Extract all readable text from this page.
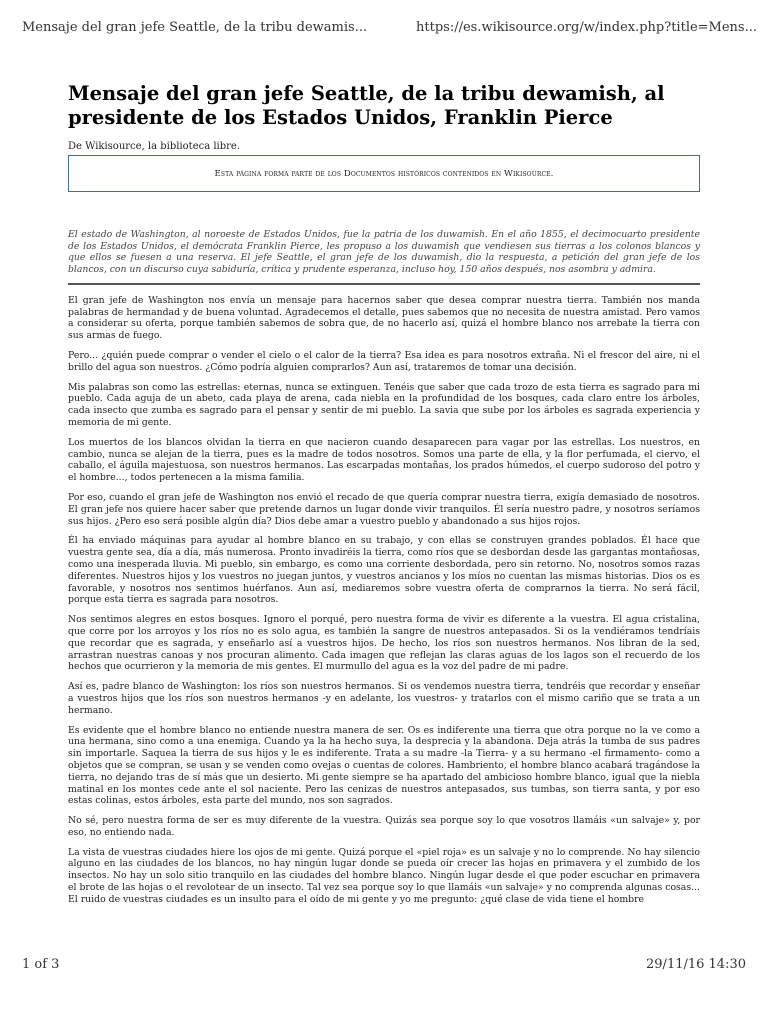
Mensaje del gran jefe Seattle, de la tribu dewamis...	https://es.wikisource.org/w/index.php?title=Mens...
Mensaje del gran jefe Seattle, de la tribu dewamish, al presidente de los Estados Unidos, Franklin Pierce
De Wikisource, la biblioteca libre.
Esta página forma parte de los Documentos históricos contenidos en Wikisource.
El estado de Washington, al noroeste de Estados Unidos, fue la patria de los duwamish. En el año 1855, el decimocuarto presidente de los Estados Unidos, el demócrata Franklin Pierce, les propuso a los duwamish que vendiesen sus tierras a los colonos blancos y que ellos se fuesen a una reserva. El jefe Seattle, el gran jefe de los duwamish, dio la respuesta, a petición del gran jefe de los blancos, con un discurso cuya sabiduría, crítica y prudente esperanza, incluso hoy, 150 años después, nos asombra y admira.

El gran jefe de Washington nos envía un mensaje para hacernos saber que desea comprar nuestra tierra. También nos manda palabras de hermandad y de buena voluntad. Agradecemos el detalle, pues sabemos que no necesita de nuestra amistad. Pero vamos a considerar su oferta, porque también sabemos de sobra que, de no hacerlo así, quizá el hombre blanco nos arrebate la tierra con sus armas de fuego.

Pero... ¿quién puede comprar o vender el cielo o el calor de la tierra? Esa idea es para nosotros extraña. Ni el frescor del aire, ni el brillo del agua son nuestros. ¿Cómo podría alguien comprarlos? Aun así, trataremos de tomar una decisión.

Mis palabras son como las estrellas: eternas, nunca se extinguen. Tenéis que saber que cada trozo de esta tierra es sagrado para mi pueblo. Cada aguja de un abeto, cada playa de arena, cada niebla en la profundidad de los bosques, cada claro entre los árboles, cada insecto que zumba es sagrado para el pensar y sentir de mi pueblo. La savia que sube por los árboles es sagrada experiencia y memoria de mi gente.

Los muertos de los blancos olvidan la tierra en que nacieron cuando desaparecen para vagar por las estrellas. Los nuestros, en cambio, nunca se alejan de la tierra, pues es la madre de todos nosotros. Somos una parte de ella, y la flor perfumada, el ciervo, el caballo, el águila majestuosa, son nuestros hermanos. Las escarpadas montañas, los prados húmedos, el cuerpo sudoroso del potro y el hombre..., todos pertenecen a la misma familia.

Por eso, cuando el gran jefe de Washington nos envió el recado de que quería comprar nuestra tierra, exigía demasiado de nosotros. El gran jefe nos quiere hacer saber que pretende darnos un lugar donde vivir tranquilos. Él sería nuestro padre, y nosotros seríamos sus hijos. ¿Pero eso será posible algún día? Dios debe amar a vuestro pueblo y abandonado a sus hijos rojos.

Él ha enviado máquinas para ayudar al hombre blanco en su trabajo, y con ellas se construyen grandes poblados. Él hace que vuestra gente sea, día a día, más numerosa. Pronto invadiréis la tierra, como ríos que se desbordan desde las gargantas montañosas, como una inesperada lluvia. Mi pueblo, sin embargo, es como una corriente desbordada, pero sin retorno. No, nosotros somos razas diferentes. Nuestros hijos y los vuestros no juegan juntos, y vuestros ancianos y los míos no cuentan las mismas historias. Dios os es favorable, y nosotros nos sentimos huérfanos. Aun así, mediaremos sobre vuestra oferta de comprarnos la tierra. No será fácil, porque esta tierra es sagrada para nosotros.

Nos sentimos alegres en estos bosques. Ignoro el porqué, pero nuestra forma de vivir es diferente a la vuestra. El agua cristalina, que corre por los arroyos y los ríos no es solo agua, es también la sangre de nuestros antepasados. Si os la vendiéramos tendríais que recordar que es sagrada, y enseñarlo así a vuestros hijos. De hecho, los ríos son nuestros hermanos. Nos libran de la sed, arrastran nuestras canoas y nos procuran alimento. Cada imagen que reflejan las claras aguas de los lagos son el recuerdo de los hechos que ocurrieron y la memoria de mis gentes. El murmullo del agua es la voz del padre de mi padre.

Así es, padre blanco de Washington: los ríos son nuestros hermanos. Si os vendemos nuestra tierra, tendréis que recordar y enseñar a vuestros hijos que los ríos son nuestros hermanos -y en adelante, los vuestros- y tratarlos con el mismo cariño que se trata a un hermano.

Es evidente que el hombre blanco no entiende nuestra manera de ser. Os es indiferente una tierra que otra porque no la ve como a una hermana, sino como a una enemiga. Cuando ya la ha hecho suya, la desprecia y la abandona. Deja atrás la tumba de sus padres sin importarle. Saquea la tierra de sus hijos y le es indiferente. Trata a su madre -la Tierra- y a su hermano -el firmamento- como a objetos que se compran, se usan y se venden como ovejas o cuentas de colores. Hambriento, el hombre blanco acabará tragándose la tierra, no dejando tras de sí más que un desierto. Mi gente siempre se ha apartado del ambicioso hombre blanco, igual que la niebla matinal en los montes cede ante el sol naciente. Pero las cenizas de nuestros antepasados, sus tumbas, son tierra santa, y por eso estas colinas, estos árboles, esta parte del mundo, nos son sagrados.

No sé, pero nuestra forma de ser es muy diferente de la vuestra. Quizás sea porque soy lo que vosotros llamáis «un salvaje» y, por eso, no entiendo nada.

La vista de vuestras ciudades hiere los ojos de mi gente. Quizá porque el «piel roja» es un salvaje y no lo comprende. No hay silencio alguno en las ciudades de los blancos, no hay ningún lugar donde se pueda oír crecer las hojas en primavera y el zumbido de los insectos. No hay un solo sitio tranquilo en las ciudades del hombre blanco. Ningún lugar desde el que poder escuchar en primavera el brote de las hojas o el revolotear de un insecto. Tal vez sea porque soy lo que llamáis «un salvaje» y no comprenda algunas cosas... El ruido de vuestras ciudades es un insulto para el oído de mi gente y yo me pregunto: ¿qué clase de vida tiene el hombre

1 of 3	29/11/16 14:30
